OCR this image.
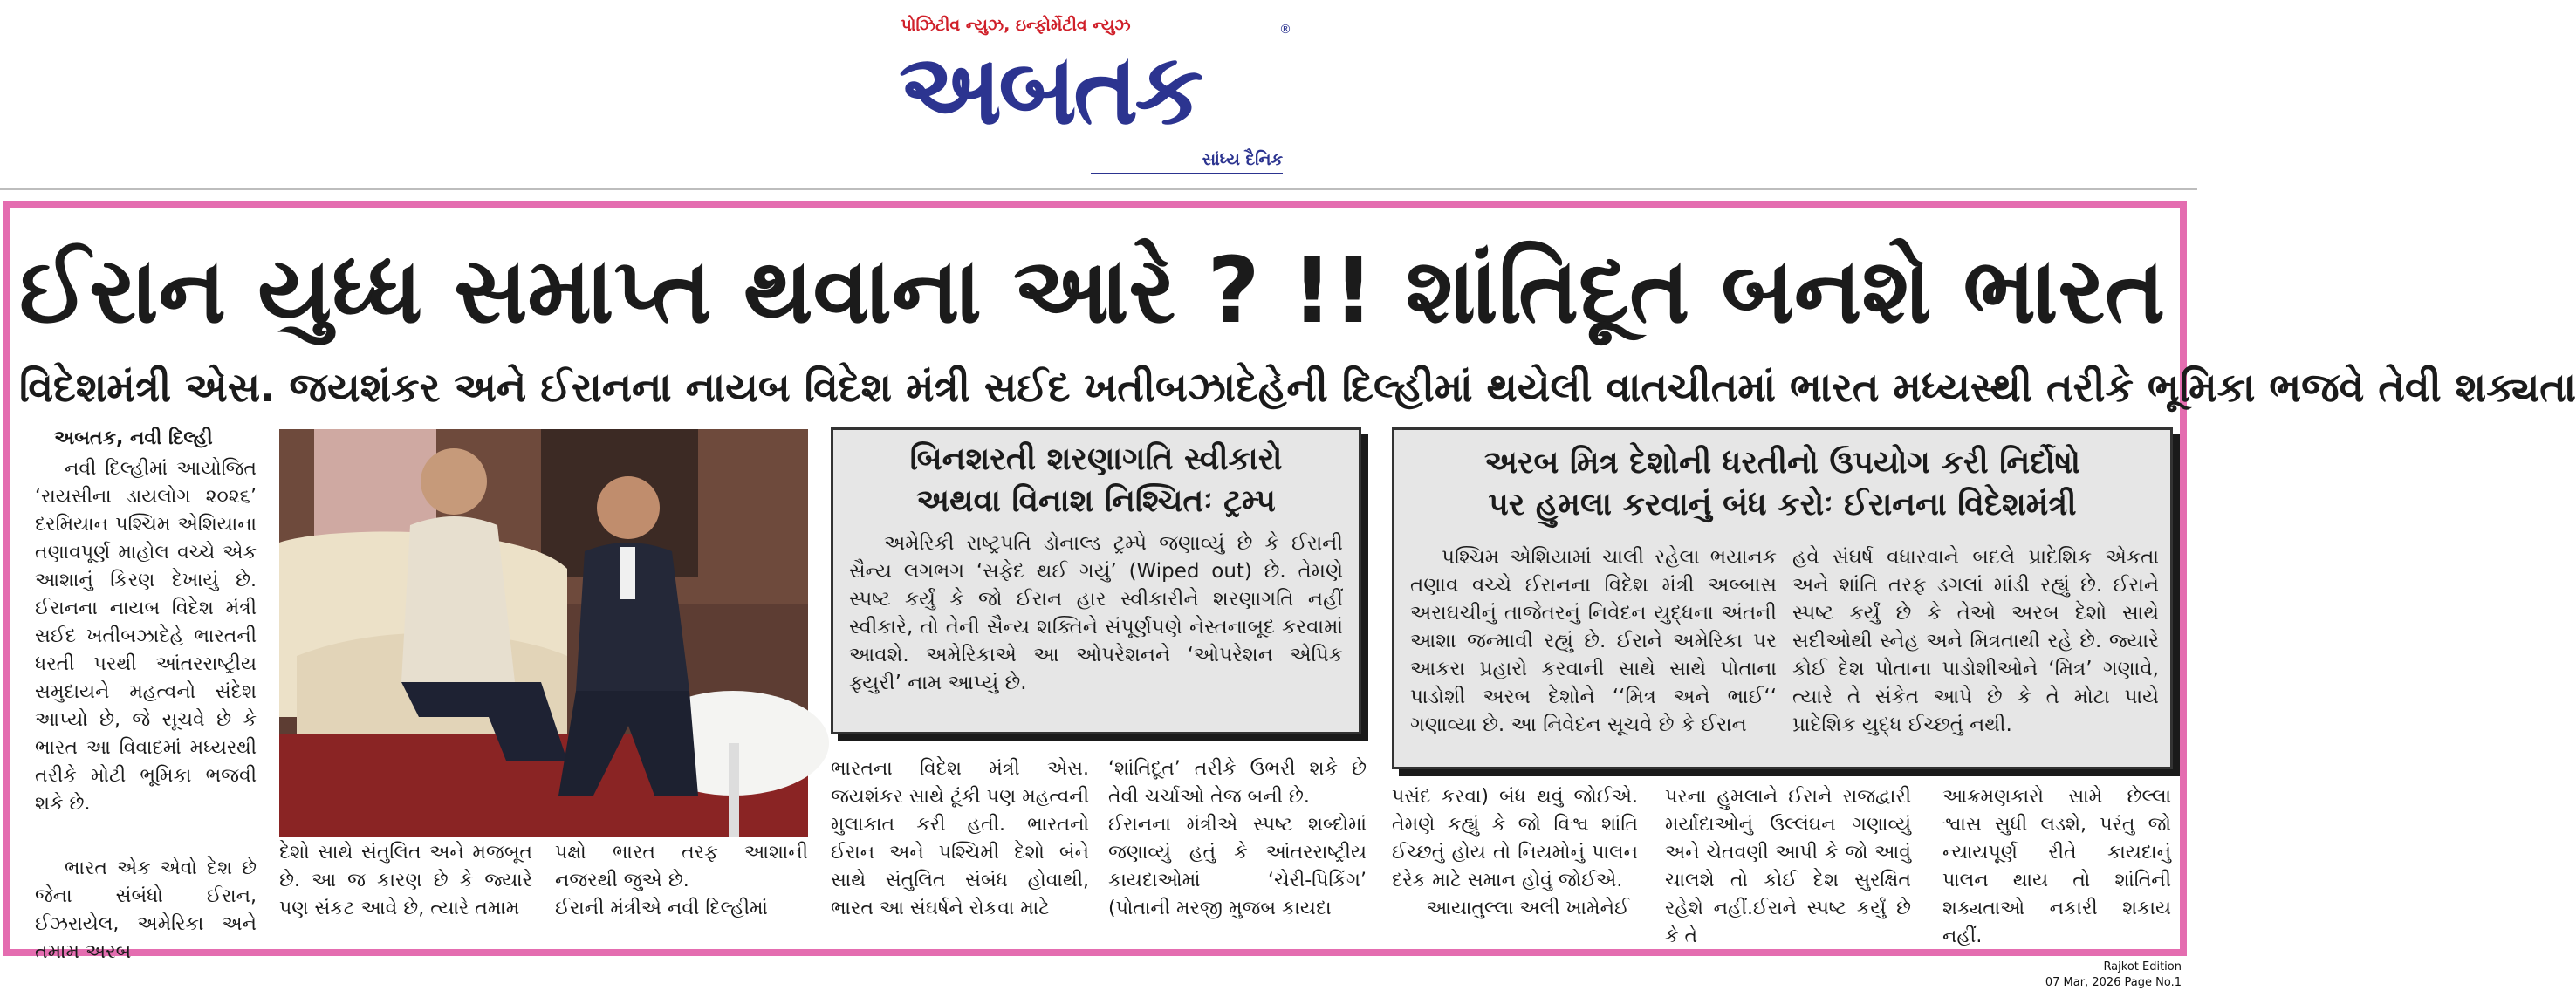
પોઝિટીવ ન્યુઝ, ઇન્ફોર્મેટીવ ન્યુઝ
અબતક
®
સાંધ્ય દૈનિક
ઈરાન યુધ્ધ સમાપ્ત થવાના આરે ? !! શાંતિદૂત બનશે ભારત
વિદેશમંત્રી એસ. જયશંકર અને ઈરાનના નાયબ વિદેશ મંત્રી સઈદ ખતીબઝાદેહેની દિલ્હીમાં થયેલી વાતચીતમાં ભારત મધ્યસ્થી તરીકે ભૂમિકા ભજવે તેવી શક્યતા
અબતક, નવી દિલ્હી
નવી દિલ્હીમાં આયોજિત ‘રાયસીના ડાયલોગ ૨૦૨૬’ દરમિયાન પશ્ચિમ એશિયાના તણાવપૂર્ણ માહોલ વચ્ચે એક આશાનું કિરણ દેખાયું છે. ઈરાનના નાયબ વિદેશ મંત્રી સઈદ ખતીબઝાદેહે ભારતની ધરતી પરથી આંતરરાષ્ટ્રીય સમુદાયને મહત્વનો સંદેશ આપ્યો છે, જે સૂચવે છે કે ભારત આ વિવાદમાં મધ્યસ્થી તરીકે મોટી ભૂમિકા ભજવી શકે છે.
ભારત એક એવો દેશ છે જેના સંબંધો ઈરાન, ઈઝરાયેલ, અમેરિકા અને તમામ અરબ
બિનશરતી શરણાગતિ સ્વીકારો
અથવા વિનાશ નિશ્ચિતઃ ટ્રમ્પ
અમેરિકી રાષ્ટ્રપતિ ડોનાલ્ડ ટ્રમ્પે જણાવ્યું છે કે ઈરાની સૈન્ય લગભગ ‘સફેદ થઈ ગયું’ (Wiped out) છે. તેમણે સ્પષ્ટ કર્યું કે જો ઈરાન હાર સ્વીકારીને શરણાગતિ નહીં સ્વીકારે, તો તેની સૈન્ય શક્તિને સંપૂર્ણપણે નેસ્તનાબૂદ કરવામાં આવશે. અમેરિકાએ આ ઓપરેશનને ‘ઓપરેશન એપિક ફ્યુરી’ નામ આપ્યું છે.
અરબ મિત્ર દેશોની ધરતીનો ઉપયોગ કરી નિર્દોષો
પર હુમલા કરવાનું બંધ કરોઃ ઈરાનના વિદેશમંત્રી
પશ્ચિમ એશિયામાં ચાલી રહેલા ભયાનક તણાવ વચ્ચે ઈરાનના વિદેશ મંત્રી અબ્બાસ અરાઘચીનું તાજેતરનું નિવેદન યુદ્ધના અંતની આશા જન્માવી રહ્યું છે. ઈરાને અમેરિકા પર આકરા પ્રહારો કરવાની સાથે સાથે પોતાના પાડોશી અરબ દેશોને ‘‘મિત્ર અને ભાઈ‘‘ ગણાવ્યા છે. આ નિવેદન સૂચવે છે કે ઈરાન
હવે સંઘર્ષ વધારવાને બદલે પ્રાદેશિક એકતા અને શાંતિ તરફ ડગલાં માંડી રહ્યું છે. ઈરાને સ્પષ્ટ કર્યું છે કે તેઓ અરબ દેશો સાથે સદીઓથી સ્નેહ અને મિત્રતાથી રહે છે. જ્યારે કોઈ દેશ પોતાના પાડોશીઓને ‘મિત્ર’ ગણાવે, ત્યારે તે સંકેત આપે છે કે તે મોટા પાયે પ્રાદેશિક યુદ્ધ ઈચ્છતું નથી.
દેશો સાથે સંતુલિત અને મજબૂત છે. આ જ કારણ છે કે જ્યારે પણ સંકટ આવે છે, ત્યારે તમામ
પક્ષો ભારત તરફ આશાની નજરથી જુએ છે.
ઈરાની મંત્રીએ નવી દિલ્હીમાં
ભારતના વિદેશ મંત્રી એસ. જયશંકર સાથે ટૂંકી પણ મહત્વની મુલાકાત કરી હતી. ભારતનો ઈરાન અને પશ્ચિમી દેશો બંને સાથે સંતુલિત સંબંધ હોવાથી, ભારત આ સંઘર્ષને રોકવા માટે
‘શાંતિદૂત’ તરીકે ઉભરી શકે છે તેવી ચર્ચાઓ તેજ બની છે.
ઈરાનના મંત્રીએ સ્પષ્ટ શબ્દોમાં જણાવ્યું હતું કે આંતરરાષ્ટ્રીય કાયદાઓમાં ‘ચેરી-પિકિંગ’ (પોતાની મરજી મુજબ કાયદા
પસંદ કરવા) બંધ થવું જોઈએ. તેમણે કહ્યું કે જો વિશ્વ શાંતિ ઈચ્છતું હોય તો નિયમોનું પાલન દરેક માટે સમાન હોવું જોઈએ.
આયાતુલ્લા અલી ખામેનેઈ
પરના હુમલાને ઈરાને રાજદ્વારી મર્યાદાઓનું ઉલ્લંઘન ગણાવ્યું અને ચેતવણી આપી કે જો આવું ચાલશે તો કોઈ દેશ સુરક્ષિત રહેશે નહીં.ઈરાને સ્પષ્ટ કર્યું છે કે તે
આક્રમણકારો સામે છેલ્લા શ્વાસ સુધી લડશે, પરંતુ જો ન્યાયપૂર્ણ રીતે કાયદાનું પાલન થાય તો શાંતિની શક્યતાઓ નકારી શકાય નહીં.
Rajkot Edition
07 Mar, 2026 Page No.1
